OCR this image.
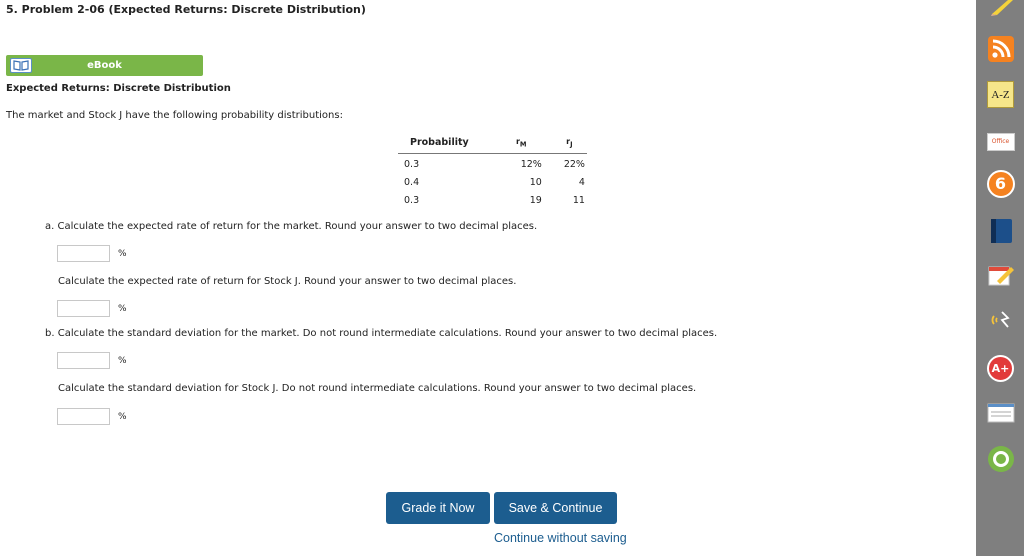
5. Problem 2-06 (Expected Returns: Discrete Distribution)
eBook
Expected Returns: Discrete Distribution
The market and Stock J have the following probability distributions:
Probability	$r_M$	$r_J$
0.3	12%	22%
0.4	10	4
0.3	19	11
a. Calculate the expected rate of return for the market. Round your answer to two decimal places.
%
Calculate the expected rate of return for Stock J. Round your answer to two decimal places.
%
b. Calculate the standard deviation for the market. Do not round intermediate calculations. Round your answer to two decimal places.
%
Calculate the standard deviation for Stock J. Do not round intermediate calculations. Round your answer to two decimal places.
%
Grade it Now	Save & Continue
Continue without saving
A-Z
Office
6
A+
